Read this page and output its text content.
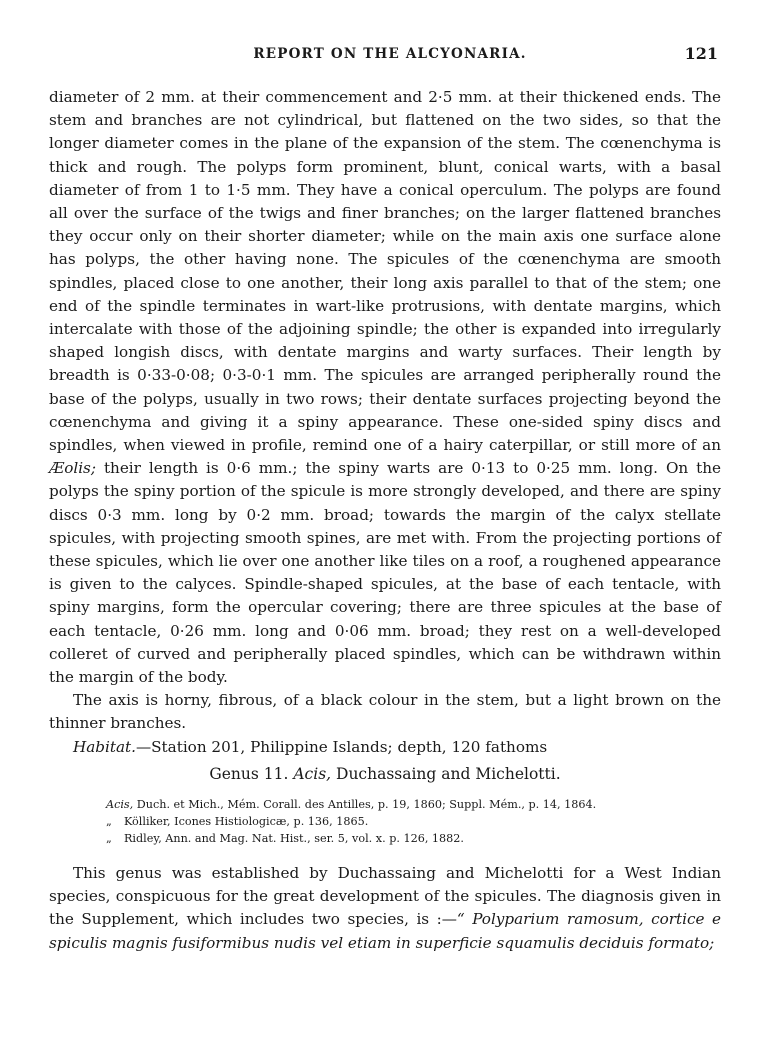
REPORT ON THE ALCYONARIA.	121

diameter of 2 mm. at their commencement and 2·5 mm. at their thickened ends. The stem and branches are not cylindrical, but flattened on the two sides, so that the longer diameter comes in the plane of the expansion of the stem. The cœnenchyma is thick and rough. The polyps form prominent, blunt, conical warts, with a basal diameter of from 1 to 1·5 mm. They have a conical operculum. The polyps are found all over the surface of the twigs and finer branches; on the larger flattened branches they occur only on their shorter diameter; while on the main axis one surface alone has polyps, the other having none. The spicules of the cœnenchyma are smooth spindles, placed close to one another, their long axis parallel to that of the stem; one end of the spindle terminates in wart-like protrusions, with dentate margins, which intercalate with those of the adjoining spindle; the other is expanded into irregularly shaped longish discs, with dentate margins and warty surfaces. Their length by breadth is 0·33-0·08; 0·3-0·1 mm. The spicules are arranged peripherally round the base of the polyps, usually in two rows; their dentate surfaces projecting beyond the cœnenchyma and giving it a spiny appearance. These one-sided spiny discs and spindles, when viewed in profile, remind one of a hairy caterpillar, or still more of an Æolis; their length is 0·6 mm.; the spiny warts are 0·13 to 0·25 mm. long. On the polyps the spiny portion of the spicule is more strongly developed, and there are spiny discs 0·3 mm. long by 0·2 mm. broad; towards the margin of the calyx stellate spicules, with projecting smooth spines, are met with. From the projecting portions of these spicules, which lie over one another like tiles on a roof, a roughened appearance is given to the calyces. Spindle-shaped spicules, at the base of each tentacle, with spiny margins, form the opercular covering; there are three spicules at the base of each tentacle, 0·26 mm. long and 0·06 mm. broad; they rest on a well-developed colleret of curved and peripherally placed spindles, which can be withdrawn within the margin of the body.

The axis is horny, fibrous, of a black colour in the stem, but a light brown on the thinner branches.

Habitat.—Station 201, Philippine Islands; depth, 120 fathoms

Genus 11. Acis, Duchassaing and Michelotti.
Acis, Duch. et Mich., Mém. Corall. des Antilles, p. 19, 1860; Suppl. Mém., p. 14, 1864.
„ Kölliker, Icones Histiologicæ, p. 136, 1865.
„ Ridley, Ann. and Mag. Nat. Hist., ser. 5, vol. x. p. 126, 1882.

This genus was established by Duchassaing and Michelotti for a West Indian species, conspicuous for the great development of the spicules. The diagnosis given in the Supplement, which includes two species, is :—“ Polyparium ramosum, cortice e spiculis magnis fusiformibus nudis vel etiam in superficie squamulis deciduis formato;
